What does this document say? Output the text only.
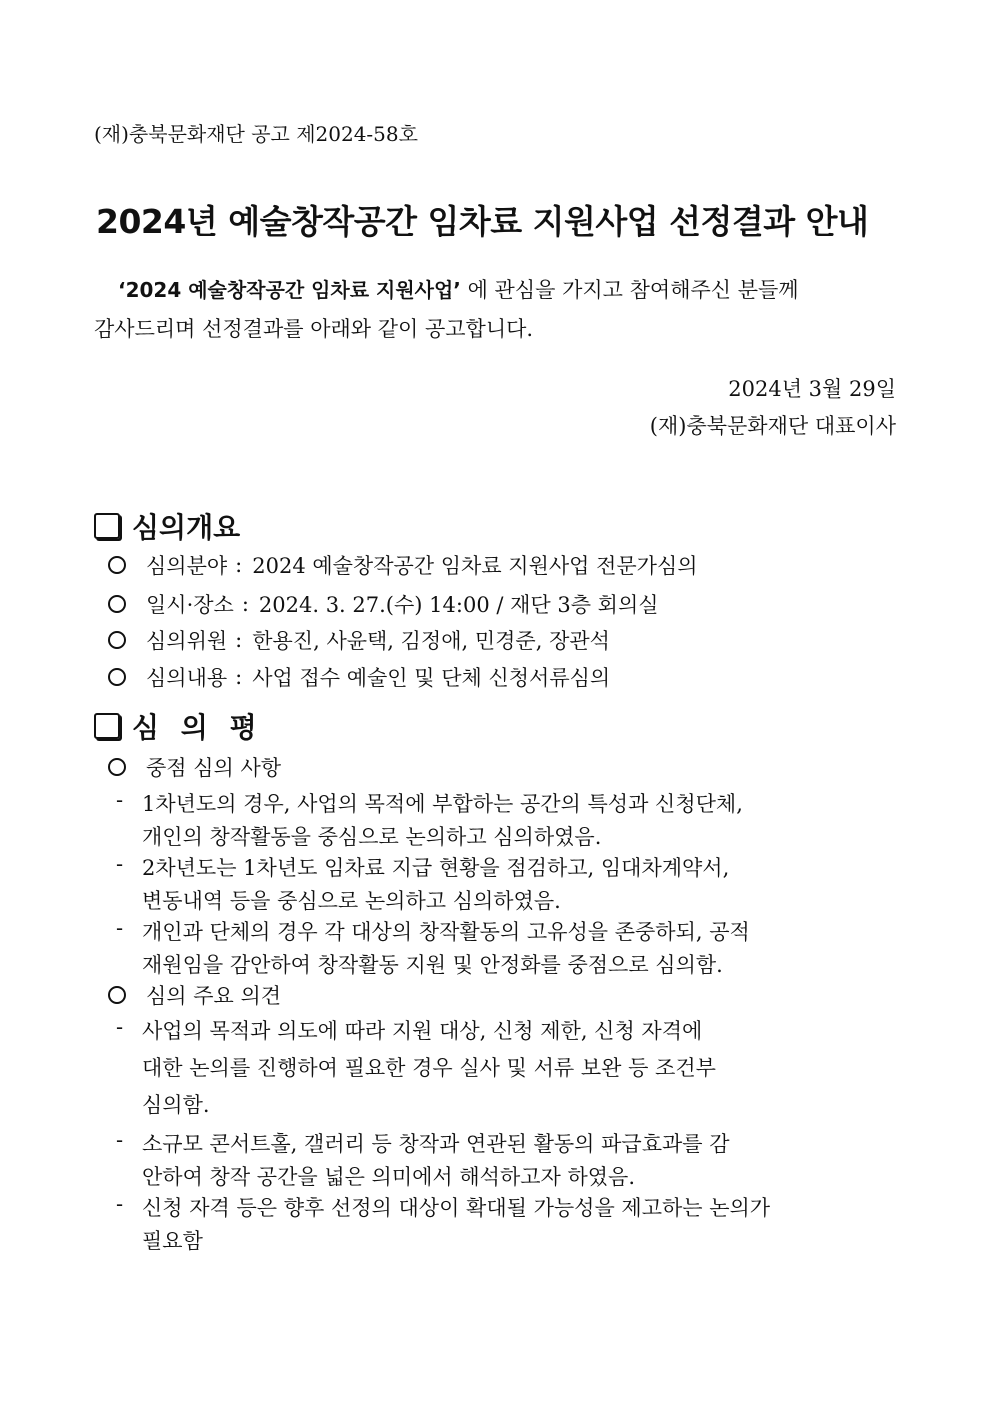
(재)충북문화재단 공고 제2024-58호
2024년 예술창작공간 임차료 지원사업 선정결과 안내
‘2024 예술창작공간 임차료 지원사업’ 에 관심을 가지고 참여해주신 분들께
감사드리며 선정결과를 아래와 같이 공고합니다.
2024년 3월 29일
(재)충북문화재단 대표이사
심의개요
심의분야 : 2024 예술창작공간 임차료 지원사업 전문가심의
일시·장소 : 2024. 3. 27.(수) 14:00 / 재단 3층 회의실
심의위원 : 한용진, 사윤택, 김정애, 민경준, 장관석
심의내용 : 사업 접수 예술인 및 단체 신청서류심의
심 의 평
중점 심의 사항
- 1차년도의 경우, 사업의 목적에 부합하는 공간의 특성과 신청단체,
개인의 창작활동을 중심으로 논의하고 심의하였음.
- 2차년도는 1차년도 임차료 지급 현황을 점검하고, 임대차계약서,
변동내역 등을 중심으로 논의하고 심의하였음.
- 개인과 단체의 경우 각 대상의 창작활동의 고유성을 존중하되, 공적
재원임을 감안하여 창작활동 지원 및 안정화를 중점으로 심의함.
심의 주요 의견
- 사업의 목적과 의도에 따라 지원 대상, 신청 제한, 신청 자격에
대한 논의를 진행하여 필요한 경우 실사 및 서류 보완 등 조건부
심의함.
- 소규모 콘서트홀, 갤러리 등 창작과 연관된 활동의 파급효과를 감
안하여 창작 공간을 넓은 의미에서 해석하고자 하였음.
- 신청 자격 등은 향후 선정의 대상이 확대될 가능성을 제고하는 논의가
필요함
